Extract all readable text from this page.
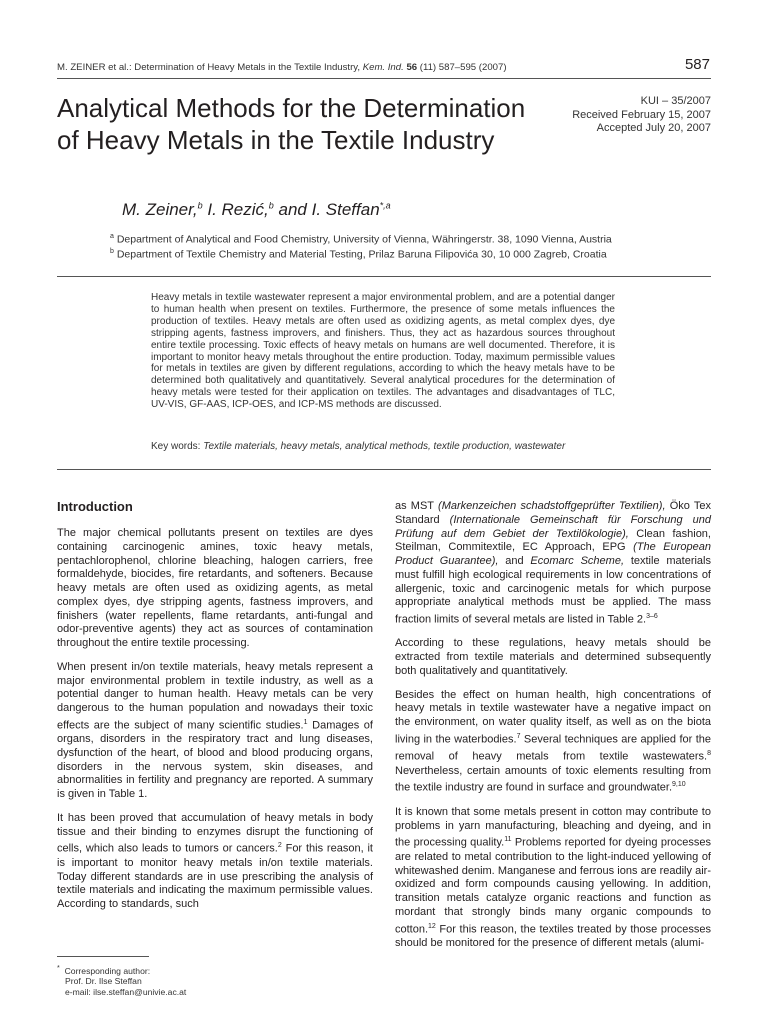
M. ZEINER et al.: Determination of Heavy Metals in the Textile Industry, Kem. Ind. 56 (11) 587–595 (2007)	587
Analytical Methods for the Determination
of Heavy Metals in the Textile Industry
KUI – 35/2007
Received February 15, 2007
Accepted July 20, 2007
M. Zeiner,$^b$ I. Rezić,$^b$ and I. Steffan$^{*,a}$
$^a$ Department of Analytical and Food Chemistry, University of Vienna, Währingerstr. 38, 1090 Vienna, Austria
$^b$ Department of Textile Chemistry and Material Testing, Prilaz Baruna Filipovića 30, 10 000 Zagreb, Croatia
Heavy metals in textile wastewater represent a major environmental problem, and are a potential danger to human health when present on textiles. Furthermore, the presence of some metals influences the production of textiles. Heavy metals are often used as oxidizing agents, as metal complex dyes, dye stripping agents, fastness improvers, and finishers. Thus, they act as hazardous sources throughout entire textile processing. Toxic effects of heavy metals on humans are well documented. Therefore, it is important to monitor heavy metals throughout the entire production. Today, maximum permissible values for metals in textiles are given by different regulations, according to which the heavy metals have to be determined both qualitatively and quantitatively. Several analytical procedures for the determination of heavy metals were tested for their application on textiles. The advantages and disadvantages of TLC, UV-VIS, GF-AAS, ICP-OES, and ICP-MS methods are discussed.
Key words: Textile materials, heavy metals, analytical methods, textile production, wastewater
Introduction

The major chemical pollutants present on textiles are dyes containing carcinogenic amines, toxic heavy metals, pentachlorophenol, chlorine bleaching, halogen carriers, free formaldehyde, biocides, fire retardants, and softeners. Because heavy metals are often used as oxidizing agents, as metal complex dyes, dye stripping agents, fastness improvers, and finishers (water repellents, flame retardants, anti-fungal and odor-preventive agents) they act as sources of contamination throughout the entire textile processing.

When present in/on textile materials, heavy metals represent a major environmental problem in textile industry, as well as a potential danger to human health. Heavy metals can be very dangerous to the human population and nowadays their toxic effects are the subject of many scientific studies.$^1$ Damages of organs, disorders in the respiratory tract and lung diseases, dysfunction of the heart, of blood and blood producing organs, disorders in the nervous system, skin diseases, and abnormalities in fertility and pregnancy are reported. A summary is given in Table 1.

It has been proved that accumulation of heavy metals in body tissue and their binding to enzymes disrupt the functioning of cells, which also leads to tumors or cancers.$^2$ For this reason, it is important to monitor heavy metals in/on textile materials. Today different standards are in use prescribing the analysis of textile materials and indicating the maximum permissible values. According to standards, such

as MST (Markenzeichen schadstoffgeprüfter Textilien), Öko Tex Standard (Internationale Gemeinschaft für Forschung und Prüfung auf dem Gebiet der Textilökologie), Clean fashion, Steilman, Commitextile, EC Approach, EPG (The European Product Guarantee), and Ecomarc Scheme, textile materials must fulfill high ecological requirements in low concentrations of allergenic, toxic and carcinogenic metals for which purpose appropriate analytical methods must be applied. The mass fraction limits of several metals are listed in Table 2.$^{3-6}$

According to these regulations, heavy metals should be extracted from textile materials and determined subsequently both qualitatively and quantitatively.

Besides the effect on human health, high concentrations of heavy metals in textile wastewater have a negative impact on the environment, on water quality itself, as well as on the biota living in the waterbodies.$^7$ Several techniques are applied for the removal of heavy metals from textile wastewaters.$^8$ Nevertheless, certain amounts of toxic elements resulting from the textile industry are found in surface and groundwater.$^{9,10}$

It is known that some metals present in cotton may contribute to problems in yarn manufacturing, bleaching and dyeing, and in the processing quality.$^{11}$ Problems reported for dyeing processes are related to metal contribution to the light-induced yellowing of whitewashed denim. Manganese and ferrous ions are readily air-oxidized and form compounds causing yellowing. In addition, transition metals catalyze organic reactions and function as mordant that strongly binds many organic compounds to cotton.$^{12}$ For this reason, the textiles treated by those processes should be monitored for the presence of different metals (alumi-

* Corresponding author:
Prof. Dr. Ilse Steffan
e-mail: ilse.steffan@univie.ac.at
